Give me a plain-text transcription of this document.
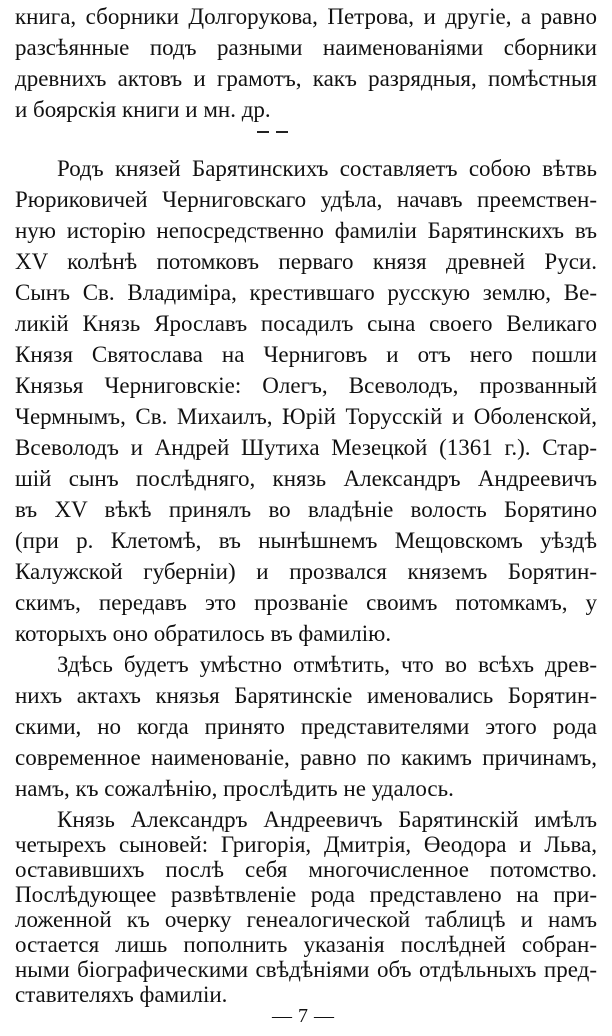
книга, сборники Долгорукова, Петрова, и другіе, а равно
разсѣянные подъ разными наименованіями сборники
древнихъ актовъ и грамотъ, какъ разрядныя, помѣстныя
и боярскія книги и мн. др.
Родъ князей Барятинскихъ составляетъ собою вѣтвь
Рюриковичей Черниговскаго удѣла, начавъ преемствен-
ную исторію непосредственно фамиліи Барятинскихъ въ
XV колѣнѣ потомковъ перваго князя древней Руси.
Сынъ Св. Владиміра, крестившаго русскую землю, Ве-
ликій Князь Ярославъ посадилъ сына своего Великаго
Князя Святослава на Черниговъ и отъ него пошли
Князья Черниговскіе: Олегъ, Всеволодъ, прозванный
Чермнымъ, Св. Михаилъ, Юрій Торусскій и Оболенской,
Всеволодъ и Андрей Шутиха Мезецкой (1361 г.). Стар-
шій сынъ послѣдняго, князь Александръ Андреевичъ
въ XV вѣкѣ принялъ во владѣніе волость Борятино
(при р. Клетомѣ, въ нынѣшнемъ Мещовскомъ уѣздѣ
Калужской губерніи) и прозвался княземъ Борятин-
скимъ, передавъ это прозваніе своимъ потомкамъ, у
которыхъ оно обратилось въ фамилію.
Здѣсь будетъ умѣстно отмѣтить, что во всѣхъ древ-
нихъ актахъ князья Барятинскіе именовались Борятин-
скими, но когда принято представителями этого рода
современное наименованіе, равно по какимъ причинамъ,
намъ, къ сожалѣнію, прослѣдить не удалось.
—7—
Князь Александръ Андреевичъ Барятинскій имѣлъ
четырехъ сыновей: Григорія, Дмитрія, Өеодора и Льва,
оставившихъ послѣ себя многочисленное потомство.
Послѣдующее развѣтвленіе рода представлено на при-
ложенной къ очерку генеалогической таблицѣ и намъ
остается лишь пополнить указанія послѣдней собран-
ными біографическими свѣдѣніями объ отдѣльныхъ пред-
ставителяхъ фамиліи.
